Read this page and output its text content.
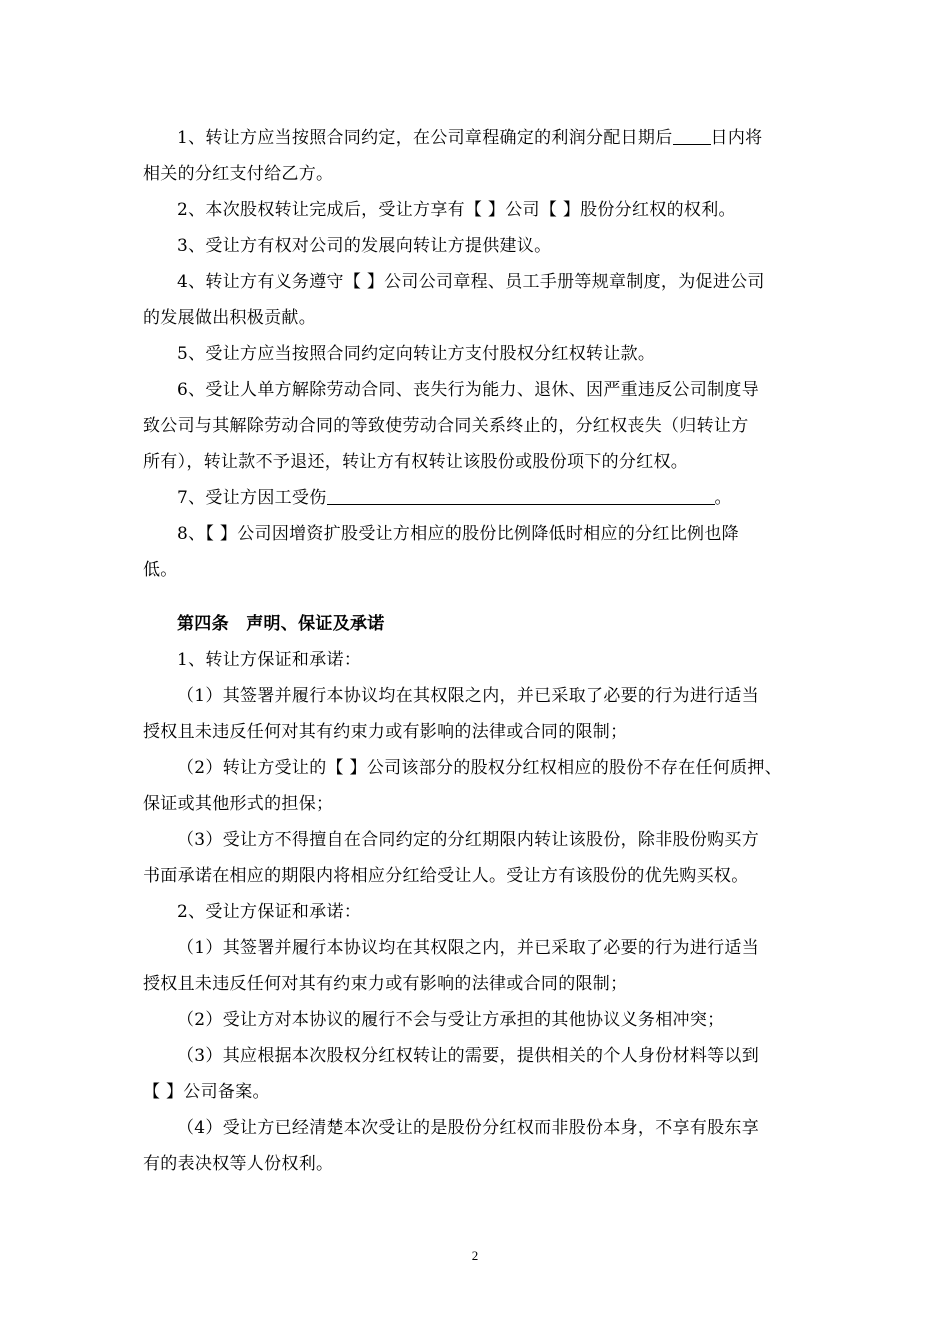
1、转让方应当按照合同约定，在公司章程确定的利润分配日期后 日内将

相关的分红支付给乙方。

2、本次股权转让完成后，受让方享有【 】公司【 】股份分红权的权利。

3、受让方有权对公司的发展向转让方提供建议。

4、转让方有义务遵守【 】公司公司章程、员工手册等规章制度，为促进公司

的发展做出积极贡献。

5、受让方应当按照合同约定向转让方支付股权分红权转让款。

6、受让人单方解除劳动合同、丧失行为能力、退休、因严重违反公司制度导

致公司与其解除劳动合同的等致使劳动合同关系终止的，分红权丧失（归转让方

所有），转让款不予退还，转让方有权转让该股份或股份项下的分红权。

7、受让方因工受伤	。

8、【 】公司因增资扩股受让方相应的股份比例降低时相应的分红比例也降

低。

第四条　声明、保证及承诺

1、转让方保证和承诺：

（1）其签署并履行本协议均在其权限之内，并已采取了必要的行为进行适当

授权且未违反任何对其有约束力或有影响的法律或合同的限制；

（2）转让方受让的【 】公司该部分的股权分红权相应的股份不存在任何质押、

保证或其他形式的担保；

（3）受让方不得擅自在合同约定的分红期限内转让该股份，除非股份购买方

书面承诺在相应的期限内将相应分红给受让人。受让方有该股份的优先购买权。

2、受让方保证和承诺：

（1）其签署并履行本协议均在其权限之内，并已采取了必要的行为进行适当

授权且未违反任何对其有约束力或有影响的法律或合同的限制；

（2）受让方对本协议的履行不会与受让方承担的其他协议义务相冲突；

（3）其应根据本次股权分红权转让的需要，提供相关的个人身份材料等以到

【 】公司备案。

（4）受让方已经清楚本次受让的是股份分红权而非股份本身，不享有股东享

有的表决权等人份权利。

2
